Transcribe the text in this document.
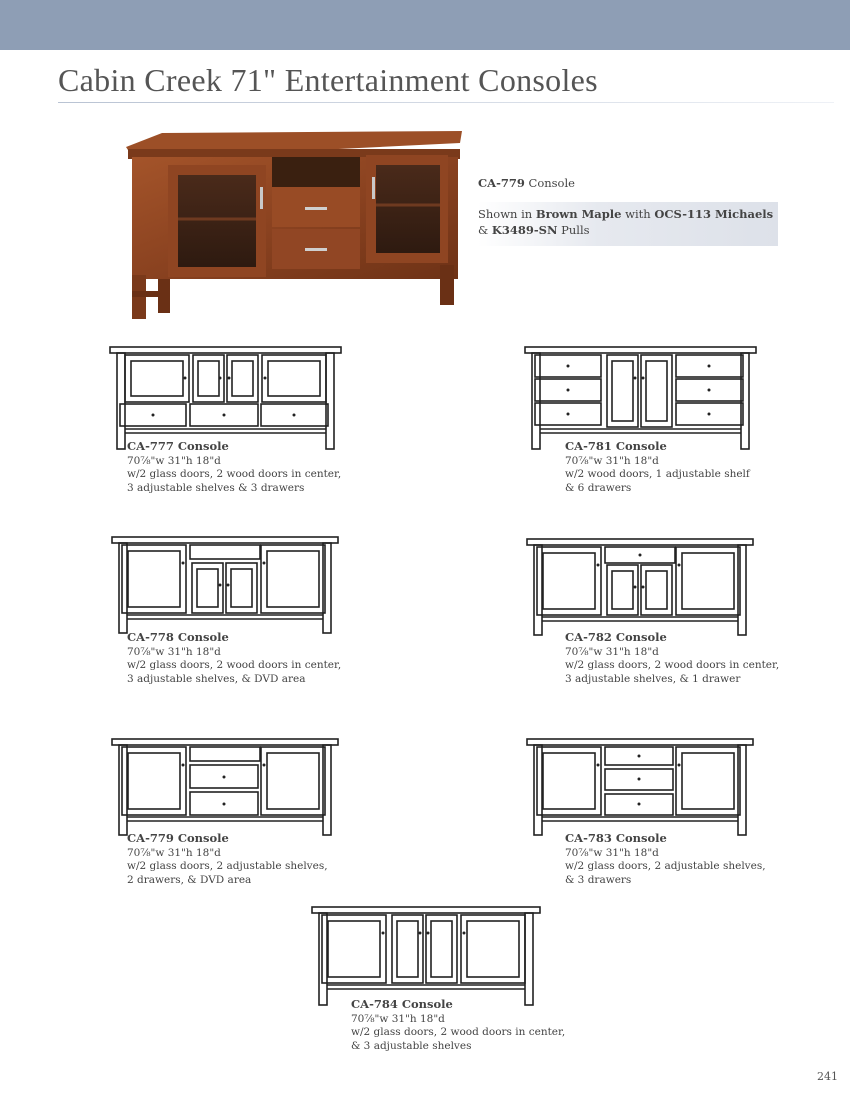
Cabin Creek 71" Entertainment Consoles
CA-779 Console
Shown in Brown Maple with OCS-113 Michaels
& K3489-SN Pulls
CA-777 Console
70⅞"w 31"h 18"d
w/2 glass doors, 2 wood doors in center,
3 adjustable shelves & 3 drawers
CA-781 Console
70⅞"w 31"h 18"d
w/2 wood doors, 1 adjustable shelf
& 6 drawers
CA-778 Console
70⅞"w 31"h 18"d
w/2 glass doors, 2 wood doors in center,
3 adjustable shelves, & DVD area
CA-782 Console
70⅞"w 31"h 18"d
w/2 glass doors, 2 wood doors in center,
3 adjustable shelves, & 1 drawer
CA-779 Console
70⅞"w 31"h 18"d
w/2 glass doors, 2 adjustable shelves,
2 drawers, & DVD area
CA-783 Console
70⅞"w 31"h 18"d
w/2 glass doors, 2 adjustable shelves,
& 3 drawers
CA-784 Console
70⅞"w 31"h 18"d
w/2 glass doors, 2 wood doors in center,
& 3 adjustable shelves
241
